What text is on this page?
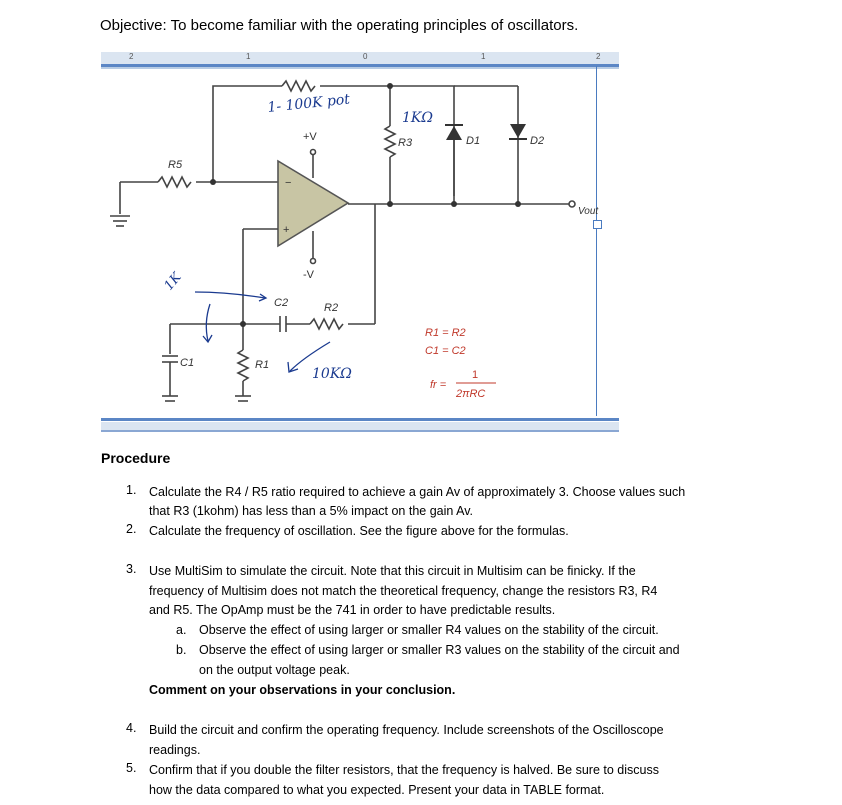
Objective: To become familiar with the operating principles of oscillators.
2	1	0	1	2
−
+
+V
-V
R3
R5
R1
R2
C1
C2
D1	D2
Vout
R1 = R2
C1 = C2
fr =
1
2πRC
1- 100K pot
1KΩ
1K
10KΩ
Procedure
1. Calculate the R4 / R5 ratio required to achieve a gain Av of approximately 3. Choose values such
that R3 (1kohm) has less than a 5% impact on the gain Av.
2. Calculate the frequency of oscillation. See the figure above for the formulas.
3. Use MultiSim to simulate the circuit. Note that this circuit in Multisim can be finicky. If the
frequency of Multisim does not match the theoretical frequency, change the resistors R3, R4
and R5. The OpAmp must be the 741 in order to have predictable results.
a. Observe the effect of using larger or smaller R4 values on the stability of the circuit.
b. Observe the effect of using larger or smaller R3 values on the stability of the circuit and
on the output voltage peak.
Comment on your observations in your conclusion.
4. Build the circuit and confirm the operating frequency. Include screenshots of the Oscilloscope
readings.
5. Confirm that if you double the filter resistors, that the frequency is halved. Be sure to discuss
how the data compared to what you expected. Present your data in TABLE format.
